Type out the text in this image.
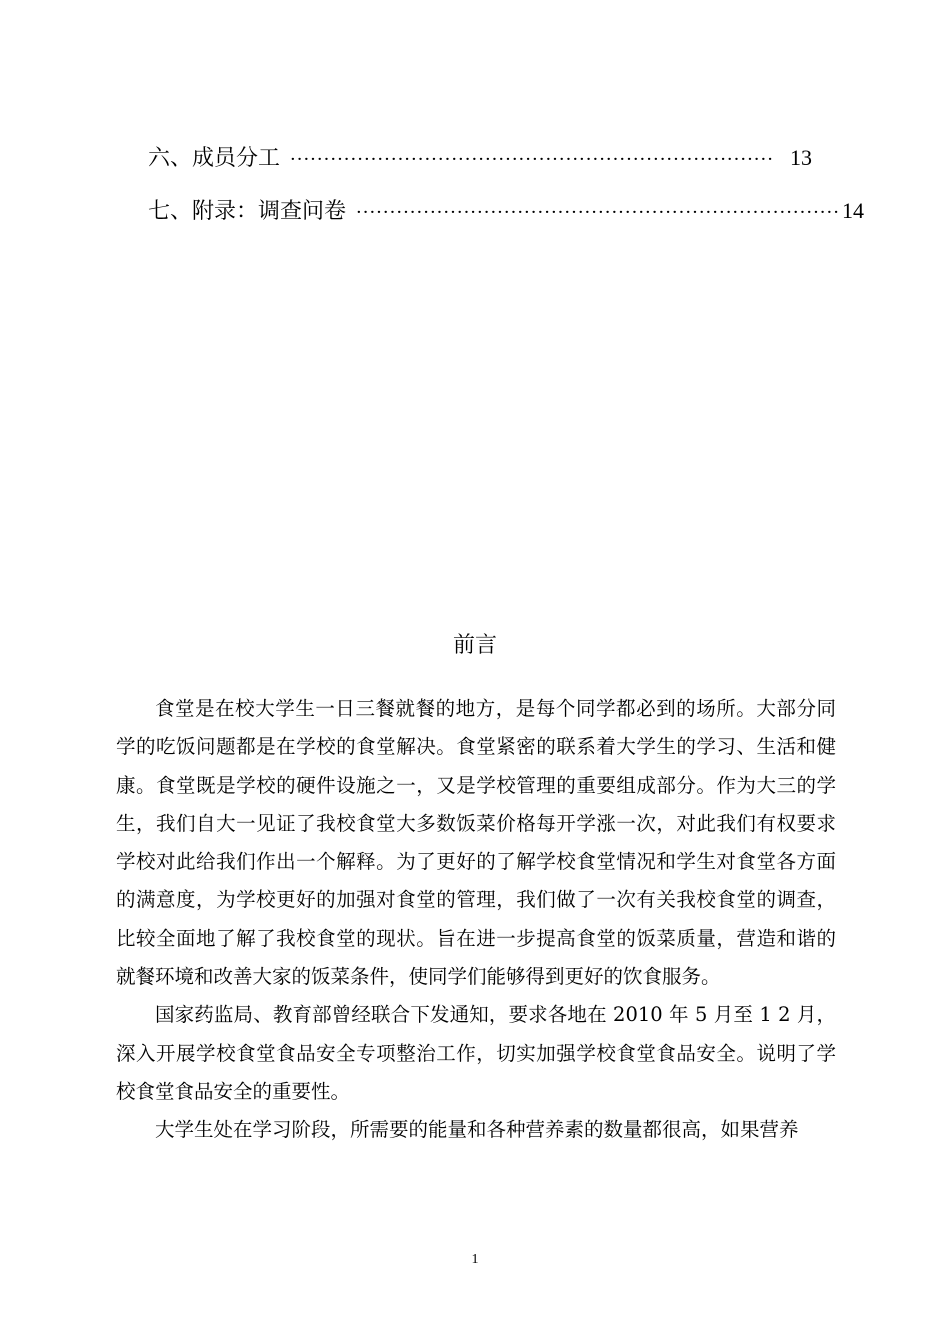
六、成员分工 ········································································ 13
七、附录：调查问卷 ········································································ 14
前言

食堂是在校大学生一日三餐就餐的地方，是每个同学都必到的场所。大部分同学的吃饭问题都是在学校的食堂解决。食堂紧密的联系着大学生的学习、生活和健康。食堂既是学校的硬件设施之一，又是学校管理的重要组成部分。作为大三的学生，我们自大一见证了我校食堂大多数饭菜价格每开学涨一次，对此我们有权要求学校对此给我们作出一个解释。为了更好的了解学校食堂情况和学生对食堂各方面的满意度，为学校更好的加强对食堂的管理，我们做了一次有关我校食堂的调查，比较全面地了解了我校食堂的现状。旨在进一步提高食堂的饭菜质量，营造和谐的就餐环境和改善大家的饭菜条件，使同学们能够得到更好的饮食服务。

国家药监局、教育部曾经联合下发通知，要求各地在 2010 年 5 月至 1 2 月，深入开展学校食堂食品安全专项整治工作，切实加强学校食堂食品安全。说明了学校食堂食品安全的重要性。

大学生处在学习阶段，所需要的能量和各种营养素的数量都很高，如果营养

1
